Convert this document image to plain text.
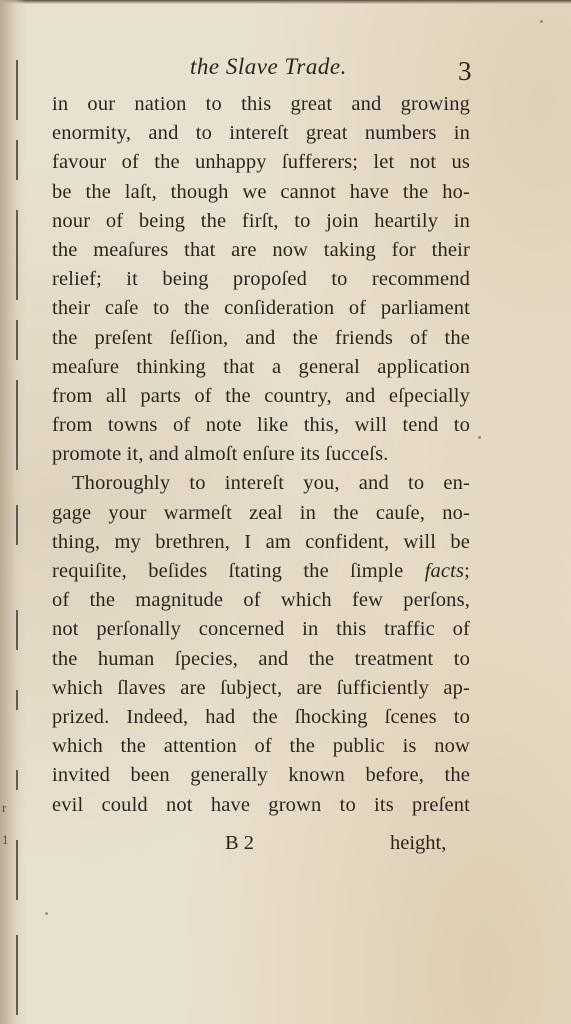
r
1
the Slave Trade.	3
in our nation to this great and growing
enormity, and to intereſt great numbers in
favour of the unhappy ſufferers; let not us
be the laſt, though we cannot have the ho-
nour of being the firſt, to join heartily in
the meaſures that are now taking for their
relief; it being propoſed to recommend
their caſe to the conſideration of parliament
the preſent ſeſſion, and the friends of the
meaſure thinking that a general application
from all parts of the country, and eſpecially
from towns of note like this, will tend to
promote it, and almoſt enſure its ſucceſs.
Thoroughly to intereſt you, and to en-
gage your warmeſt zeal in the cauſe, no-
thing, my brethren, I am confident, will be
requiſite, beſides ſtating the ſimple facts;
of the magnitude of which few perſons,
not perſonally concerned in this traffic of
the human ſpecies, and the treatment to
which ſlaves are ſubject, are ſufficiently ap-
prized. Indeed, had the ſhocking ſcenes to
which the attention of the public is now
invited been generally known before, the
evil could not have grown to its preſent
B 2	height,
